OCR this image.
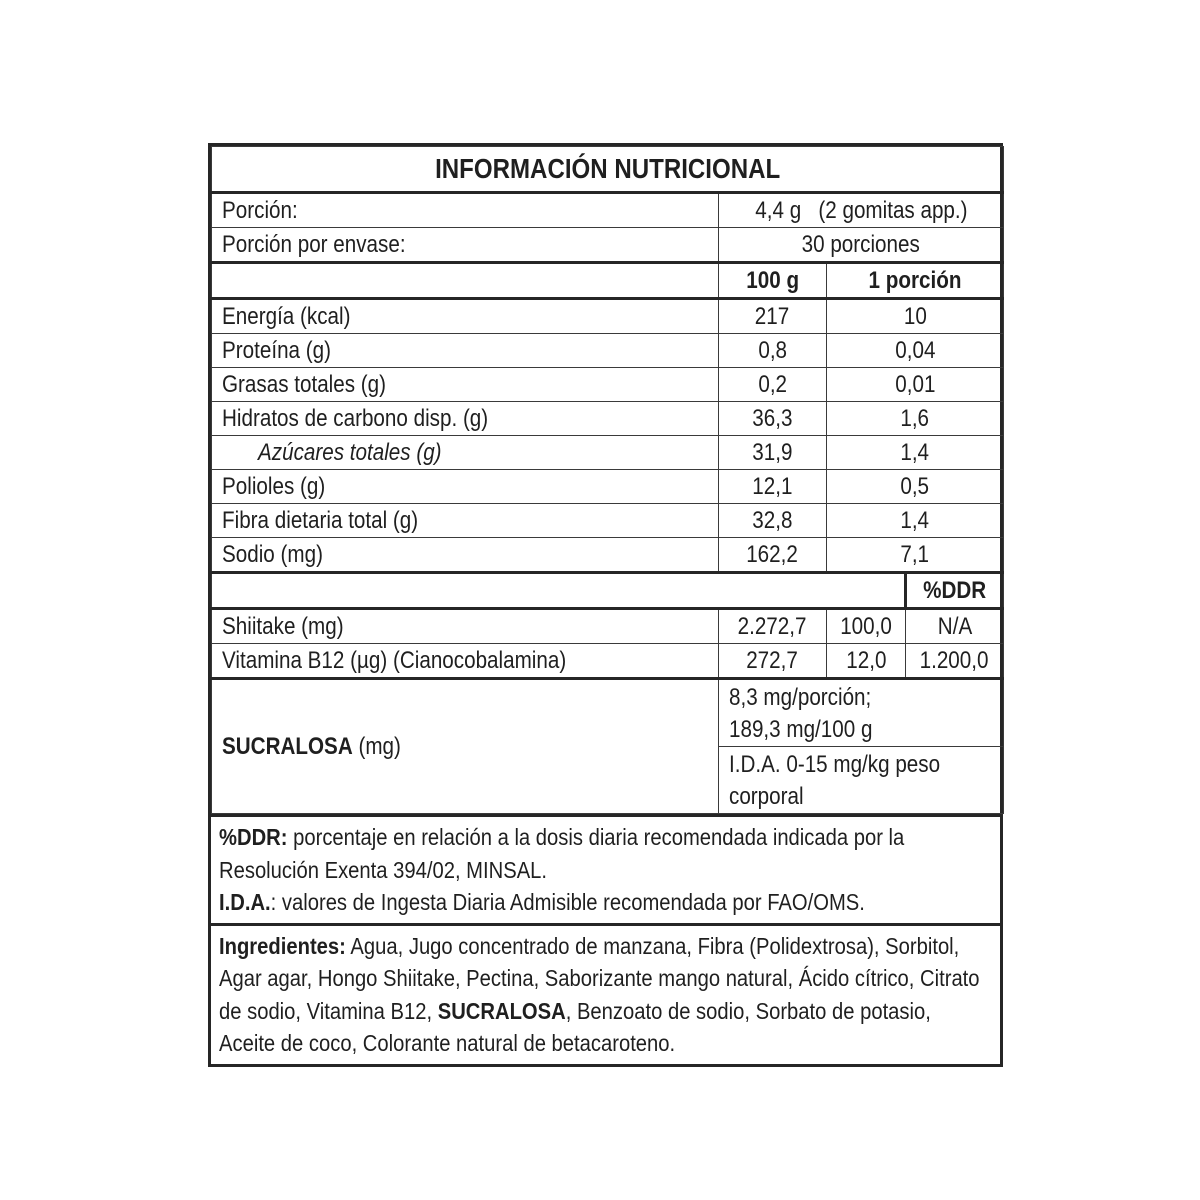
INFORMACIÓN NUTRICIONAL			
Porción:	4,4 g   (2 gomitas app.)		
Porción por envase:	30 porciones		
	100 g	1 porción	
Energía (kcal)	217	10	
Proteína (g)	0,8	0,04	
Grasas totales (g)	0,2	0,01	
Hidratos de carbono disp. (g)	36,3	1,6	
Azúcares totales (g)	31,9	1,4	
Polioles (g)	12,1	0,5	
Fibra dietaria total (g)	32,8	1,4	
Sodio (mg)	162,2	7,1	
			%DDR
Shiitake (mg)	2.272,7	100,0	N/A
Vitamina B12 (µg) (Cianocobalamina)	272,7	12,0	1.200,0
SUCRALOSA (mg)	8,3 mg/porción;
189,3 mg/100 g		

	I.D.A. 0-15 mg/kg peso
corporal		
%DDR: porcentaje en relación a la dosis diaria recomendada indicada por la Resolución Exenta 394/02, MINSAL.
I.D.A.: valores de Ingesta Diaria Admisible recomendada por FAO/OMS.
Ingredientes: Agua, Jugo concentrado de manzana, Fibra (Polidextrosa), Sorbitol, Agar agar, Hongo Shiitake, Pectina, Saborizante mango natural, Ácido cítrico, Citrato de sodio, Vitamina B12, SUCRALOSA, Benzoato de sodio, Sorbato de potasio, Aceite de coco, Colorante natural de betacaroteno.
